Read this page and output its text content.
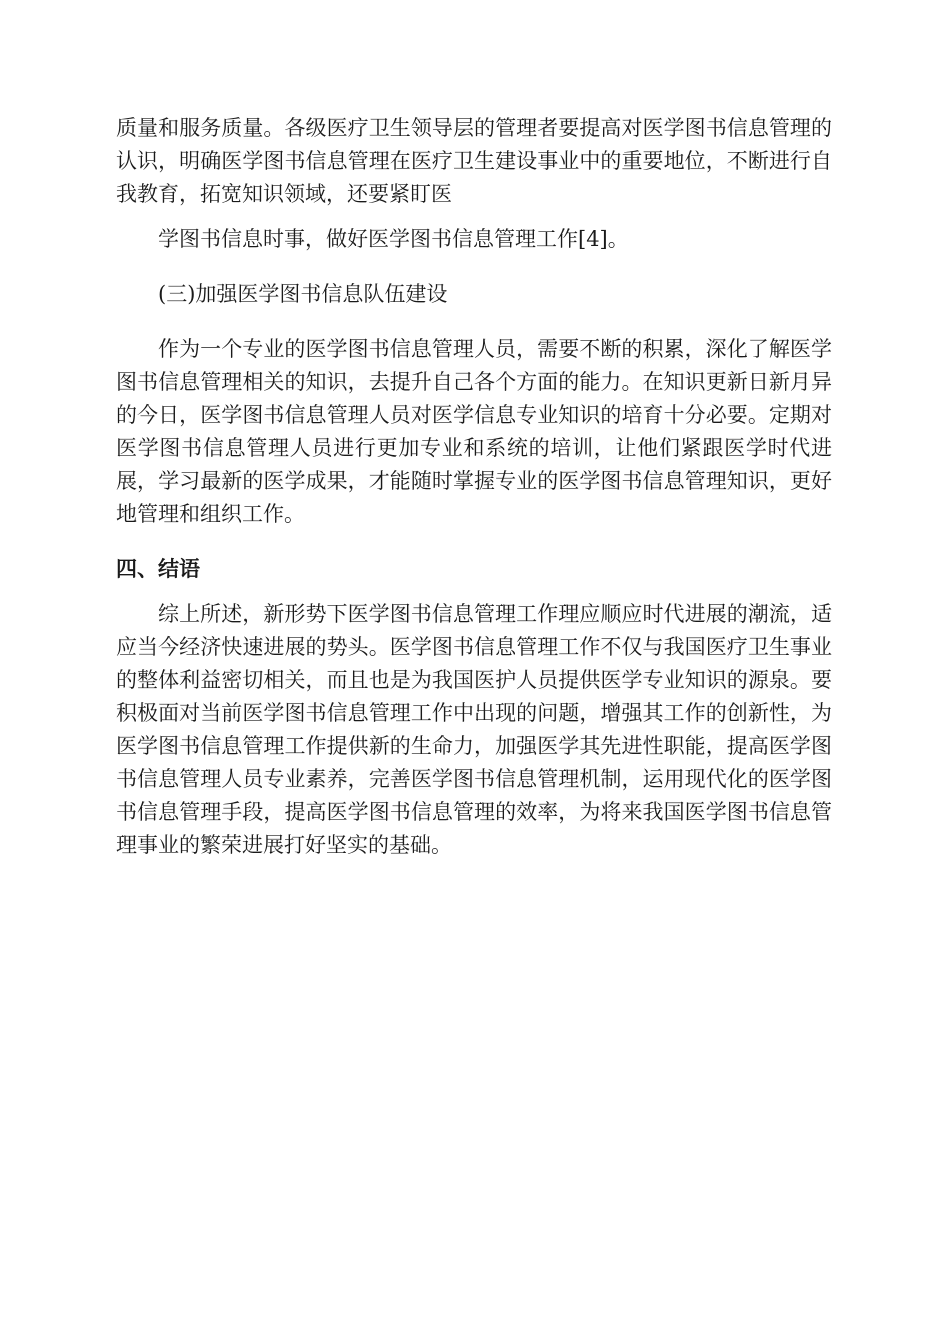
质量和服务质量。各级医疗卫生领导层的管理者要提高对医学图书信息管理的认识，明确医学图书信息管理在医疗卫生建设事业中的重要地位，不断进行自我教育，拓宽知识领域，还要紧盯医

学图书信息时事，做好医学图书信息管理工作[4]。

(三)加强医学图书信息队伍建设

作为一个专业的医学图书信息管理人员，需要不断的积累，深化了解医学图书信息管理相关的知识，去提升自己各个方面的能力。在知识更新日新月异的今日，医学图书信息管理人员对医学信息专业知识的培育十分必要。定期对医学图书信息管理人员进行更加专业和系统的培训，让他们紧跟医学时代进展，学习最新的医学成果，才能随时掌握专业的医学图书信息管理知识，更好地管理和组织工作。

四、结语

综上所述，新形势下医学图书信息管理工作理应顺应时代进展的潮流，适应当今经济快速进展的势头。医学图书信息管理工作不仅与我国医疗卫生事业的整体利益密切相关，而且也是为我国医护人员提供医学专业知识的源泉。要积极面对当前医学图书信息管理工作中出现的问题，增强其工作的创新性，为医学图书信息管理工作提供新的生命力，加强医学其先进性职能，提高医学图书信息管理人员专业素养，完善医学图书信息管理机制，运用现代化的医学图书信息管理手段，提高医学图书信息管理的效率，为将来我国医学图书信息管理事业的繁荣进展打好坚实的基础。
